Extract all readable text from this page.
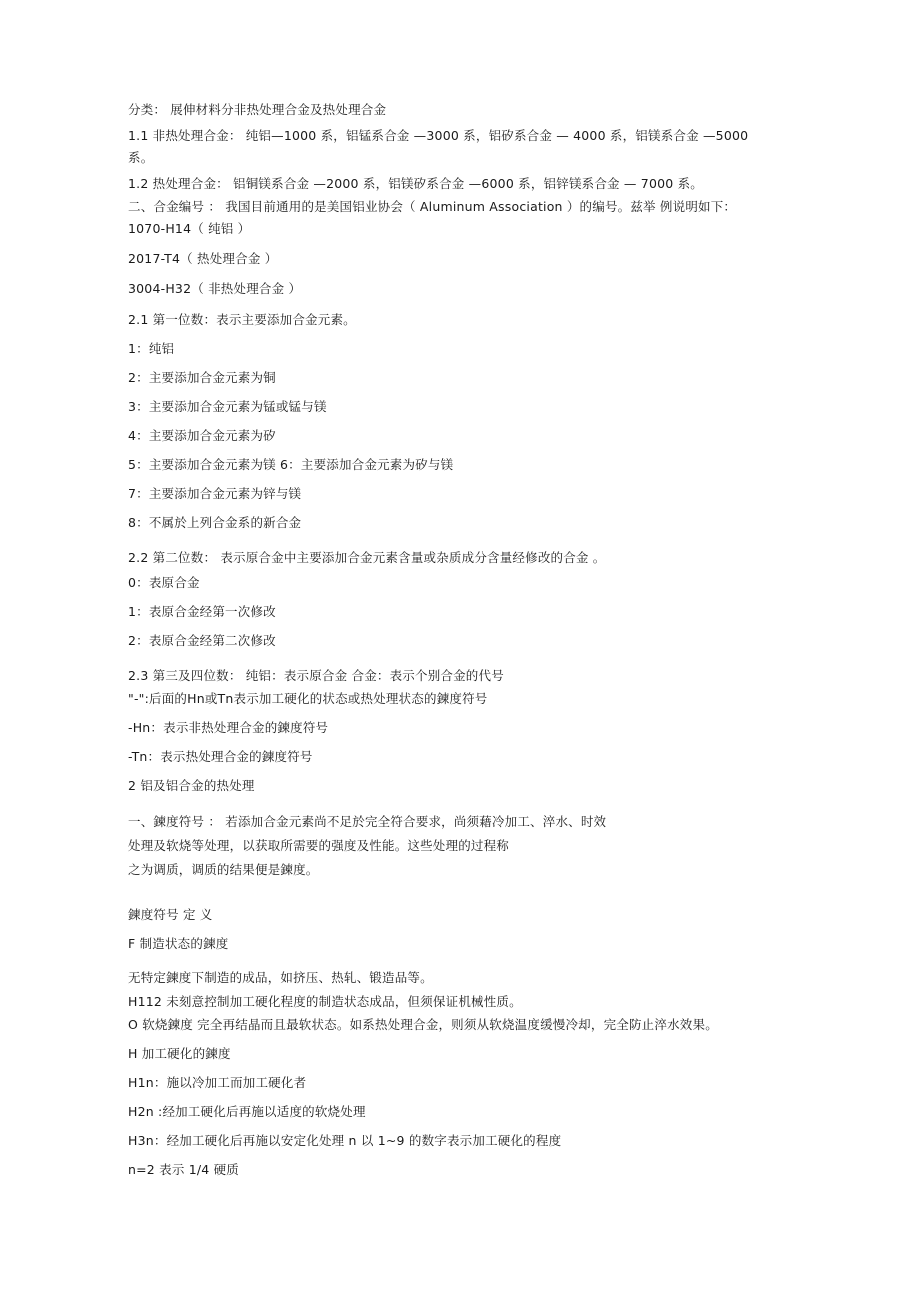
分类： 展伸材料分非热处理合金及热处理合金
1.1 非热处理合金： 纯铝—1000 系，铝锰系合金 —3000 系，铝矽系合金 — 4000 系，铝镁系合金 —5000
系。
1.2 热处理合金： 铝铜镁系合金 —2000 系，铝镁矽系合金 —6000 系，铝锌镁系合金 — 7000 系。
二、合金编号 ： 我国目前通用的是美国铝业协会（ Aluminum Association ）的编号。兹举 例说明如下：
1070-H14（ 纯铝 ）
2017-T4（ 热处理合金 ）
3004-H32（ 非热处理合金 ）
2.1 第一位数：表示主要添加合金元素。
1：纯铝
2：主要添加合金元素为铜
3：主要添加合金元素为锰或锰与镁
4：主要添加合金元素为矽
5：主要添加合金元素为镁 6：主要添加合金元素为矽与镁
7：主要添加合金元素为锌与镁
8：不属於上列合金系的新合金
2.2 第二位数： 表示原合金中主要添加合金元素含量或杂质成分含量经修改的合金 。
0：表原合金
1：表原合金经第一次修改
2：表原合金经第二次修改
2.3 第三及四位数： 纯铝：表示原合金 合金：表示个别合金的代号
"-":后面的Hn或Tn表示加工硬化的状态或热处理状态的鍊度符号
-Hn：表示非热处理合金的鍊度符号
-Tn：表示热处理合金的鍊度符号
2 铝及铝合金的热处理
一、鍊度符号 ： 若添加合金元素尚不足於完全符合要求，尚须藉冷加工、淬水、时效
处理及软烧等处理，以获取所需要的强度及性能。这些处理的过程称
之为调质，调质的结果便是鍊度。
鍊度符号 定 义
F 制造状态的鍊度
无特定鍊度下制造的成品，如挤压、热轧、锻造品等。
H112 未刻意控制加工硬化程度的制造状态成品，但须保证机械性质。
O 软烧鍊度 完全再结晶而且最软状态。如系热处理合金，则须从软烧温度缓慢冷却，完全防止淬水效果。
H 加工硬化的鍊度
H1n：施以冷加工而加工硬化者
H2n :经加工硬化后再施以适度的软烧处理
H3n：经加工硬化后再施以安定化处理 n 以 1~9 的数字表示加工硬化的程度
n=2 表示 1/4 硬质
